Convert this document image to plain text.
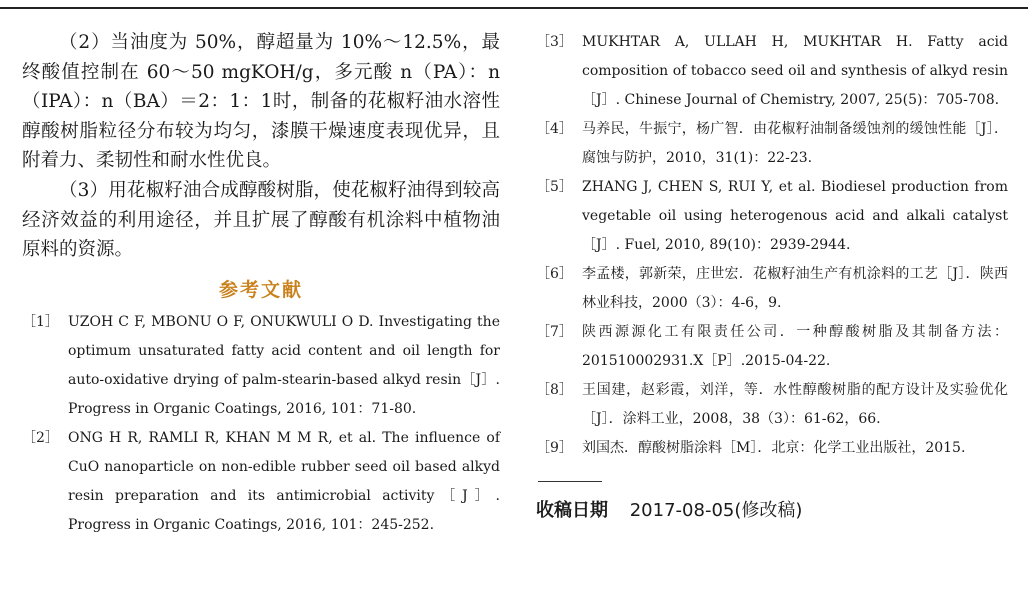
（2）当油度为 50%，醇超量为 10%～12.5%，最终酸值控制在 60～50 mgKOH/g，多元酸 n（PA）：n（IPA）：n（BA）＝2：1：1时，制备的花椒籽油水溶性醇酸树脂粒径分布较为均匀，漆膜干燥速度表现优异，且附着力、柔韧性和耐水性优良。

（3）用花椒籽油合成醇酸树脂，使花椒籽油得到较高经济效益的利用途径，并且扩展了醇酸有机涂料中植物油原料的资源。

参考文献
［1］ UZOH C F, MBONU O F, ONUKWULI O D. Investigating the optimum unsaturated fatty acid content and oil length for auto-oxidative drying of palm-stearin-based alkyd resin［J］. Progress in Organic Coatings, 2016, 101：71-80.
［2］ ONG H R, RAMLI R, KHAN M M R, et al. The influence of CuO nanoparticle on non-edible rubber seed oil based alkyd resin preparation and its antimicrobial activity［J］. Progress in Organic Coatings, 2016, 101：245-252.
［3］ MUKHTAR A, ULLAH H, MUKHTAR H. Fatty acid composition of tobacco seed oil and synthesis of alkyd resin［J］. Chinese Journal of Chemistry, 2007, 25(5)：705-708.
［4］ 马养民，牛振宁，杨广智．由花椒籽油制备缓蚀剂的缓蚀性能［J］．腐蚀与防护，2010，31(1)：22-23.
［5］ ZHANG J, CHEN S, RUI Y, et al. Biodiesel production from vegetable oil using heterogenous acid and alkali catalyst［J］. Fuel, 2010, 89(10)：2939-2944.
［6］ 李孟楼，郭新荣，庄世宏．花椒籽油生产有机涂料的工艺［J］．陕西林业科技，2000（3）：4-6，9.
［7］ 陕西源源化工有限责任公司．一种醇酸树脂及其制备方法：201510002931.X［P］.2015-04-22.
［8］ 王国建，赵彩霞，刘洋，等．水性醇酸树脂的配方设计及实验优化［J］．涂料工业，2008，38（3）：61-62，66.
［9］ 刘国杰．醇酸树脂涂料［M］．北京：化学工业出版社，2015.
收稿日期 2017-08-05(修改稿)
